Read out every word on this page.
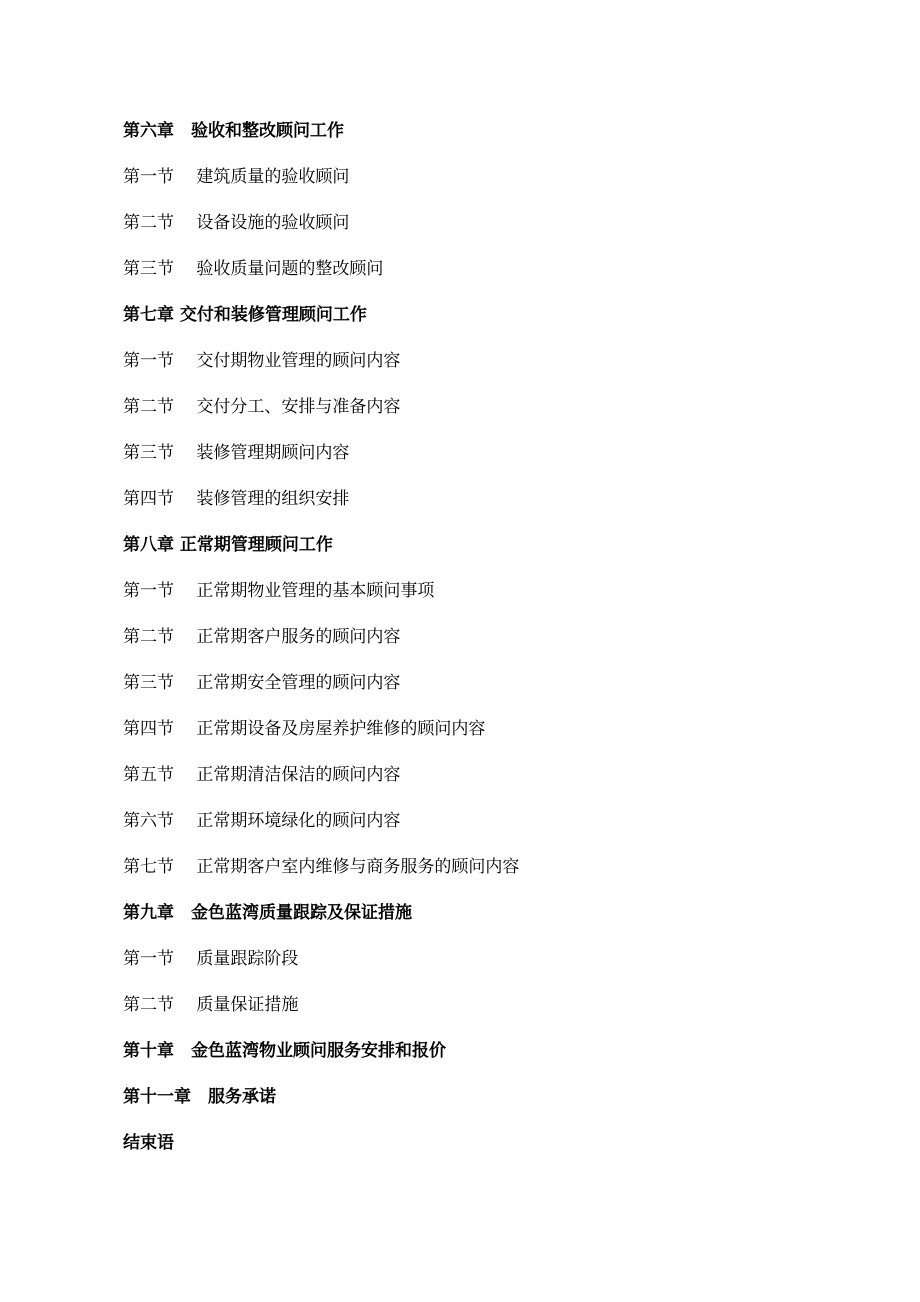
第六章　验收和整改顾问工作
第一节　 建筑质量的验收顾问
第二节　 设备设施的验收顾问
第三节　 验收质量问题的整改顾问
第七章 交付和装修管理顾问工作
第一节　 交付期物业管理的顾问内容
第二节　 交付分工、安排与准备内容
第三节　 装修管理期顾问内容
第四节　 装修管理的组织安排
第八章 正常期管理顾问工作
第一节　 正常期物业管理的基本顾问事项
第二节　 正常期客户服务的顾问内容
第三节　 正常期安全管理的顾问内容
第四节　 正常期设备及房屋养护维修的顾问内容
第五节　 正常期清洁保洁的顾问内容
第六节　 正常期环境绿化的顾问内容
第七节　 正常期客户室内维修与商务服务的顾问内容
第九章　金色蓝湾质量跟踪及保证措施
第一节　 质量跟踪阶段
第二节　 质量保证措施
第十章　金色蓝湾物业顾问服务安排和报价
第十一章　服务承诺
结束语
